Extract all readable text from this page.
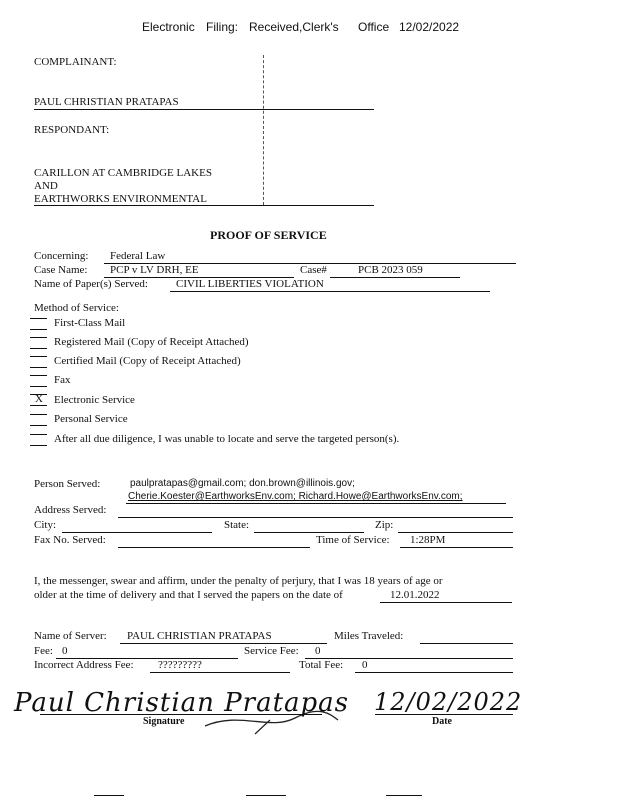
Electronic Filing: Received,Clerk's Office 12/02/2022
COMPLAINANT:
PAUL CHRISTIAN PRATAPAS
RESPONDANT:
CARILLON AT CAMBRIDGE LAKES
AND
EARTHWORKS ENVIRONMENTAL
PROOF OF SERVICE
Concerning: Federal Law
Case Name: PCP v LV DRH, EE	Case#	PCB 2023 059
Name of Paper(s) Served:	CIVIL LIBERTIES VIOLATION
Method of Service:
First-Class Mail
Registered Mail (Copy of Receipt Attached)
Certified Mail (Copy of Receipt Attached)
Fax
X Electronic Service
Personal Service
After all due diligence, I was unable to locate and serve the targeted person(s).
Person Served:	paulpratapas@gmail.com; don.brown@illinois.gov;
Cherie.Koester@EarthworksEnv.com; Richard.Howe@EarthworksEnv.com;
Address Served:
City:	State:	Zip:
Fax No. Served:	Time of Service: 1:28PM
I, the messenger, swear and affirm, under the penalty of perjury, that I was 18 years of age or
older at the time of delivery and that I served the papers on the date of	12.01.2022
Name of Server: PAUL CHRISTIAN PRATAPAS	Miles Traveled:
Fee: 0	Service Fee: 0
Incorrect Address Fee: ?????????	Total Fee: 0
Paul Christian Pratapas
Signature
12/02/2022
Date
